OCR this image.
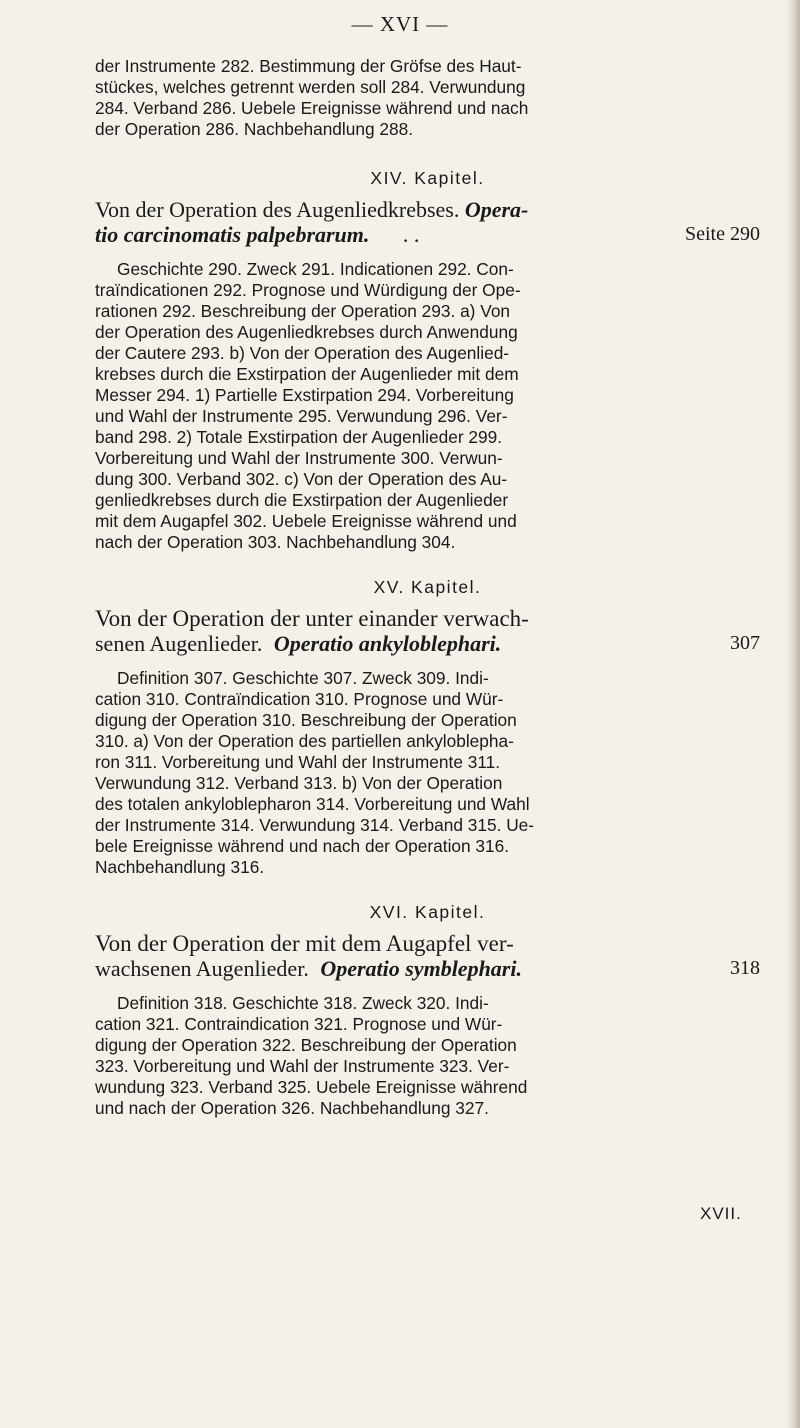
— XVI —

der Instrumente 282. Bestimmung der Gröfse des Haut-

stückes, welches getrennt werden soll 284. Verwundung

284. Verband 286. Uebele Ereignisse während und nach

der Operation 286. Nachbehandlung 288.

XIV. Kapitel.

Von der Operation des Augenliedkrebses. Opera-

tio carcinomatis palpebrarum. . .	Seite 290

Geschichte 290. Zweck 291. Indicationen 292. Con-

traïndicationen 292. Prognose und Würdigung der Ope-

rationen 292. Beschreibung der Operation 293. a) Von

der Operation des Augenliedkrebses durch Anwendung

der Cautere 293. b) Von der Operation des Augenlied-

krebses durch die Exstirpation der Augenlieder mit dem

Messer 294. 1) Partielle Exstirpation 294. Vorbereitung

und Wahl der Instrumente 295. Verwundung 296. Ver-

band 298. 2) Totale Exstirpation der Augenlieder 299.

Vorbereitung und Wahl der Instrumente 300. Verwun-

dung 300. Verband 302. c) Von der Operation des Au-

genliedkrebses durch die Exstirpation der Augenlieder

mit dem Augapfel 302. Uebele Ereignisse während und

nach der Operation 303. Nachbehandlung 304.

XV. Kapitel.

Von der Operation der unter einander verwach-

senen Augenlieder. Operatio ankyloblephari.	307

Definition 307. Geschichte 307. Zweck 309. Indi-

cation 310. Contraïndication 310. Prognose und Wür-

digung der Operation 310. Beschreibung der Operation

310. a) Von der Operation des partiellen ankyloblepha-

ron 311. Vorbereitung und Wahl der Instrumente 311.

Verwundung 312. Verband 313. b) Von der Operation

des totalen ankyloblepharon 314. Vorbereitung und Wahl

der Instrumente 314. Verwundung 314. Verband 315. Ue-

bele Ereignisse während und nach der Operation 316.

Nachbehandlung 316.

XVI. Kapitel.

Von der Operation der mit dem Augapfel ver-

wachsenen Augenlieder. Operatio symblephari.	318

Definition 318. Geschichte 318. Zweck 320. Indi-

cation 321. Contraindication 321. Prognose und Wür-

digung der Operation 322. Beschreibung der Operation

323. Vorbereitung und Wahl der Instrumente 323. Ver-

wundung 323. Verband 325. Uebele Ereignisse während

und nach der Operation 326. Nachbehandlung 327.

XVII.
